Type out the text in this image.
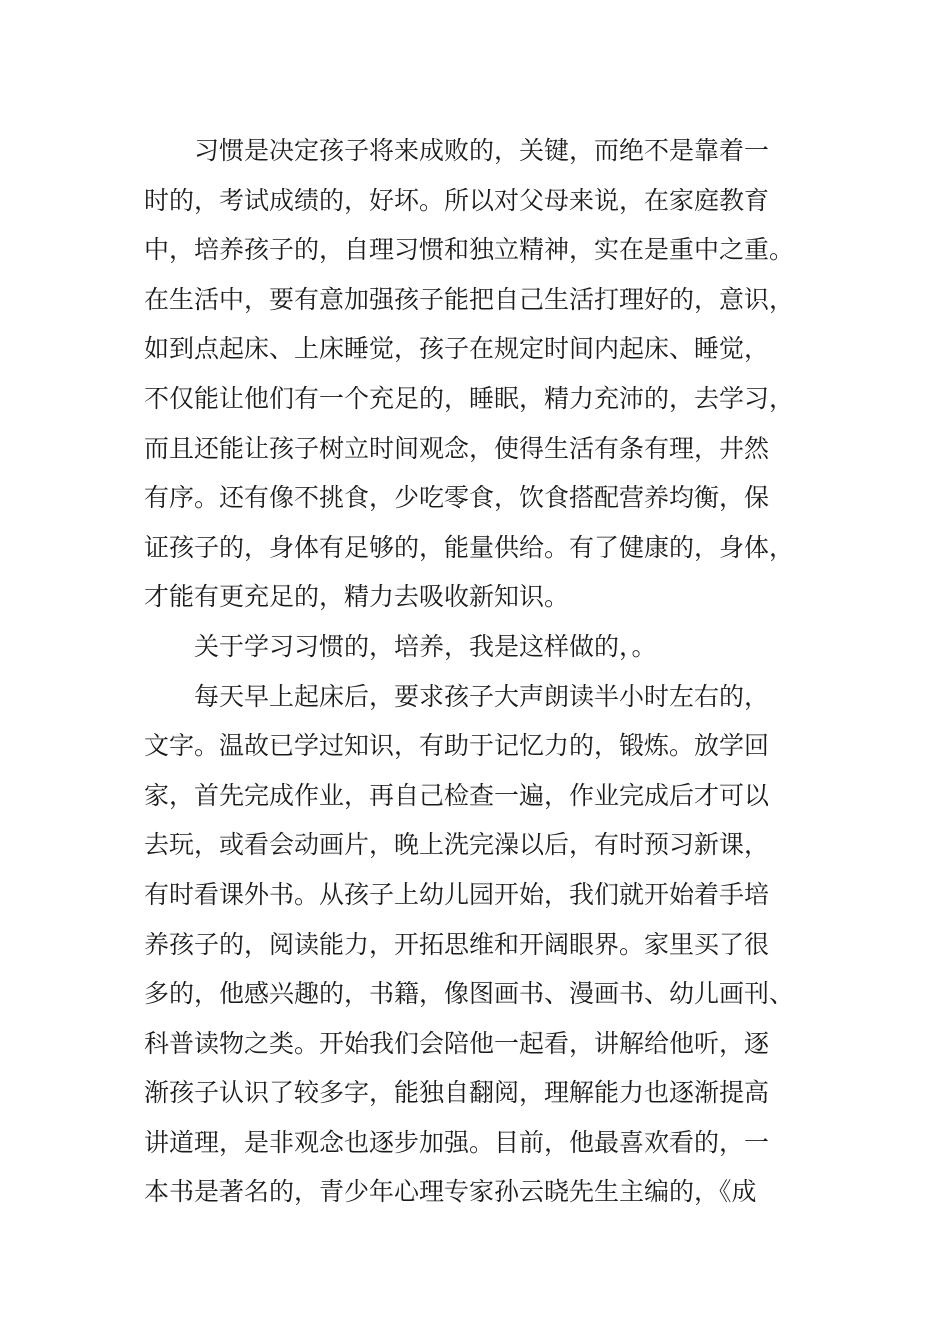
习惯是决定孩子将来成败的，关键，而绝不是靠着一
时的，考试成绩的，好坏。所以对父母来说，在家庭教育
中，培养孩子的，自理习惯和独立精神，实在是重中之重。
在生活中，要有意加强孩子能把自己生活打理好的，意识，
如到点起床、上床睡觉，孩子在规定时间内起床、睡觉，
不仅能让他们有一个充足的，睡眠，精力充沛的，去学习，
而且还能让孩子树立时间观念，使得生活有条有理，井然
有序。还有像不挑食，少吃零食，饮食搭配营养均衡，保
证孩子的，身体有足够的，能量供给。有了健康的，身体，
才能有更充足的，精力去吸收新知识。
关于学习习惯的，培养，我是这样做的，。
每天早上起床后，要求孩子大声朗读半小时左右的，
文字。温故已学过知识，有助于记忆力的，锻炼。放学回
家，首先完成作业，再自己检查一遍，作业完成后才可以
去玩，或看会动画片，晚上洗完澡以后，有时预习新课，
有时看课外书。从孩子上幼儿园开始，我们就开始着手培
养孩子的，阅读能力，开拓思维和开阔眼界。家里买了很
多的，他感兴趣的，书籍，像图画书、漫画书、幼儿画刊、
科普读物之类。开始我们会陪他一起看，讲解给他听，逐
渐孩子认识了较多字，能独自翻阅，理解能力也逐渐提高
讲道理，是非观念也逐步加强。目前，他最喜欢看的，一
本书是著名的，青少年心理专家孙云晓先生主编的，《成
